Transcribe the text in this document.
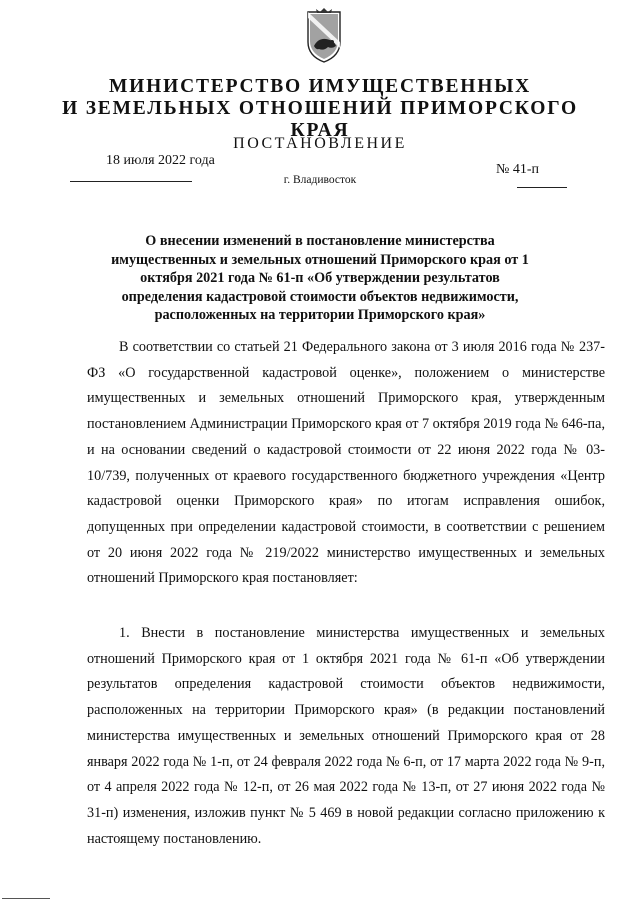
МИНИСТЕРСТВО ИМУЩЕСТВЕННЫХ
И ЗЕМЕЛЬНЫХ ОТНОШЕНИЙ ПРИМОРСКОГО КРАЯ
ПОСТАНОВЛЕНИЕ
18 июля 2022 года
г. Владивосток
№ 41-п
О внесении изменений в постановление министерства имущественных и земельных отношений Приморского края от 1 октября 2021 года № 61-п «Об утверждении результатов определения кадастровой стоимости объектов недвижимости, расположенных на территории Приморского края»
В соответствии со статьей 21 Федерального закона от 3 июля 2016 года № 237-ФЗ «О государственной кадастровой оценке», положением о министерстве имущественных и земельных отношений Приморского края, утвержденным постановлением Администрации Приморского края от 7 октября 2019 года № 646-па, и на основании сведений о кадастровой стоимости от 22 июня 2022 года № 03-10/739, полученных от краевого государственного бюджетного учреждения «Центр кадастровой оценки Приморского края» по итогам исправления ошибок, допущенных при определении кадастровой стоимости, в соответствии с решением от 20 июня 2022 года № 219/2022 министерство имущественных и земельных отношений Приморского края постановляет:
1. Внести в постановление министерства имущественных и земельных отношений Приморского края от 1 октября 2021 года № 61-п «Об утверждении результатов определения кадастровой стоимости объектов недвижимости, расположенных на территории Приморского края» (в редакции постановлений министерства имущественных и земельных отношений Приморского края от 28 января 2022 года № 1-п, от 24 февраля 2022 года № 6-п, от 17 марта 2022 года № 9-п, от 4 апреля 2022 года № 12-п, от 26 мая 2022 года № 13-п, от 27 июня 2022 года № 31-п) изменения, изложив пункт № 5 469 в новой редакции согласно приложению к настоящему постановлению.
